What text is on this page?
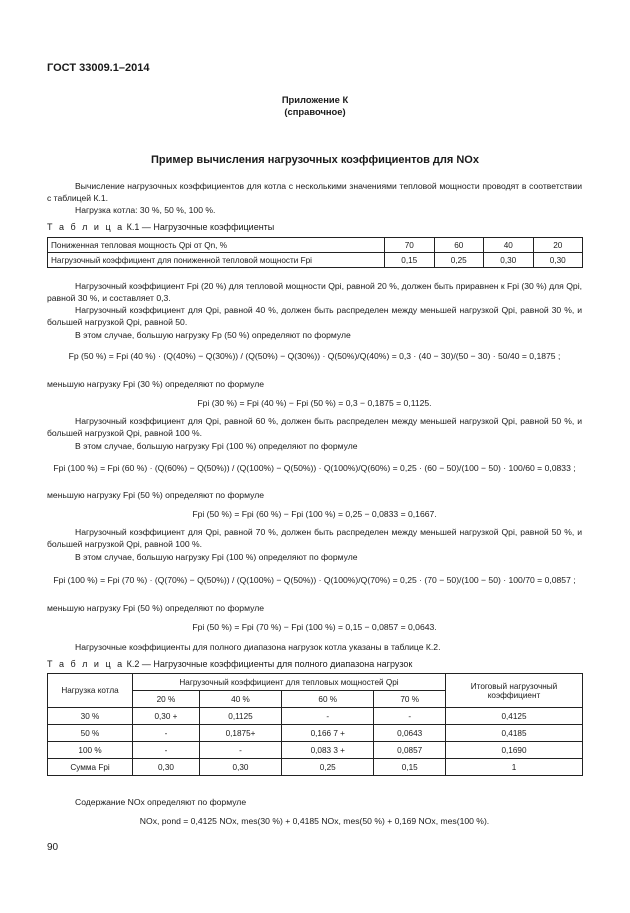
ГОСТ 33009.1–2014
Приложение К
(справочное)
Пример вычисления нагрузочных коэффициентов для NOx
Вычисление нагрузочных коэффициентов для котла с несколькими значениями тепловой мощности проводят в соответствии с таблицей К.1.
Нагрузка котла: 30 %, 50 %, 100 %.
Т а б л и ц а К.1 — Нагрузочные коэффициенты
Пониженная тепловая мощность Qpi от Qn, %	70	60	40	20
Нагрузочный коэффициент для пониженной тепловой мощности Fpi	0,15	0,25	0,30	0,30
Нагрузочный коэффициент Fpi (20 %) для тепловой мощности Qpi, равной 20 %, должен быть приравнен к Fpi (30 %) для Qpi, равной 30 %, и составляет 0,3.
Нагрузочный коэффициент для Qpi, равной 40 %, должен быть распределен между меньшей нагрузкой Qpi, равной 30 %, и большей нагрузкой Qpi, равной 50.
В этом случае, большую нагрузку Fp (50 %) определяют по формуле
Fp (50 %) = Fpi (40 %) · (Q(40%) − Q(30%)) / (Q(50%) − Q(30%)) · Q(50%)/Q(40%) = 0,3 · (40 − 30)/(50 − 30) · 50/40 = 0,1875 ;
меньшую нагрузку Fpi (30 %) определяют по формуле
Fpi (30 %) = Fpi (40 %) − Fpi (50 %) = 0,3 − 0,1875 = 0,1125.
Нагрузочный коэффициент для Qpi, равной 60 %, должен быть распределен между меньшей нагрузкой Qpi, равной 50 %, и большей нагрузкой Qpi, равной 100 %.
В этом случае, большую нагрузку Fpi (100 %) определяют по формуле
Fpi (100 %) = Fpi (60 %) · (Q(60%) − Q(50%)) / (Q(100%) − Q(50%)) · Q(100%)/Q(60%) = 0,25 · (60 − 50)/(100 − 50) · 100/60 = 0,0833 ;
меньшую нагрузку Fpi (50 %) определяют по формуле
Fpi (50 %) = Fpi (60 %) − Fpi (100 %) = 0,25 − 0,0833 = 0,1667.
Нагрузочный коэффициент для Qpi, равной 70 %, должен быть распределен между меньшей нагрузкой Qpi, равной 50 %, и большей нагрузкой Qpi, равной 100 %.
В этом случае, большую нагрузку Fpi (100 %) определяют по формуле
Fpi (100 %) = Fpi (70 %) · (Q(70%) − Q(50%)) / (Q(100%) − Q(50%)) · Q(100%)/Q(70%) = 0,25 · (70 − 50)/(100 − 50) · 100/70 = 0,0857 ;
меньшую нагрузку Fpi (50 %) определяют по формуле
Fpi (50 %) = Fpi (70 %) − Fpi (100 %) = 0,15 − 0,0857 = 0,0643.
Нагрузочные коэффициенты для полного диапазона нагрузок котла указаны в таблице К.2.
Т а б л и ц а К.2 — Нагрузочные коэффициенты для полного диапазона нагрузок
Нагрузка котла	Нагрузочный коэффициент для тепловых мощностей Qpi				Итоговый нагрузочный коэффициент
	20 %	40 %	60 %	70 %	
30 %	0,30 +	0,1125	-	-	0,4125
50 %	-	0,1875+	0,166 7 +	0,0643	0,4185
100 %	-	-	0,083 3 +	0,0857	0,1690
Сумма Fpi	0,30	0,30	0,25	0,15	1
Содержание NOx определяют по формуле
NOx, pond = 0,4125 NOx, mes(30 %) + 0,4185 NOx, mes(50 %) + 0,169 NOx, mes(100 %).
90
